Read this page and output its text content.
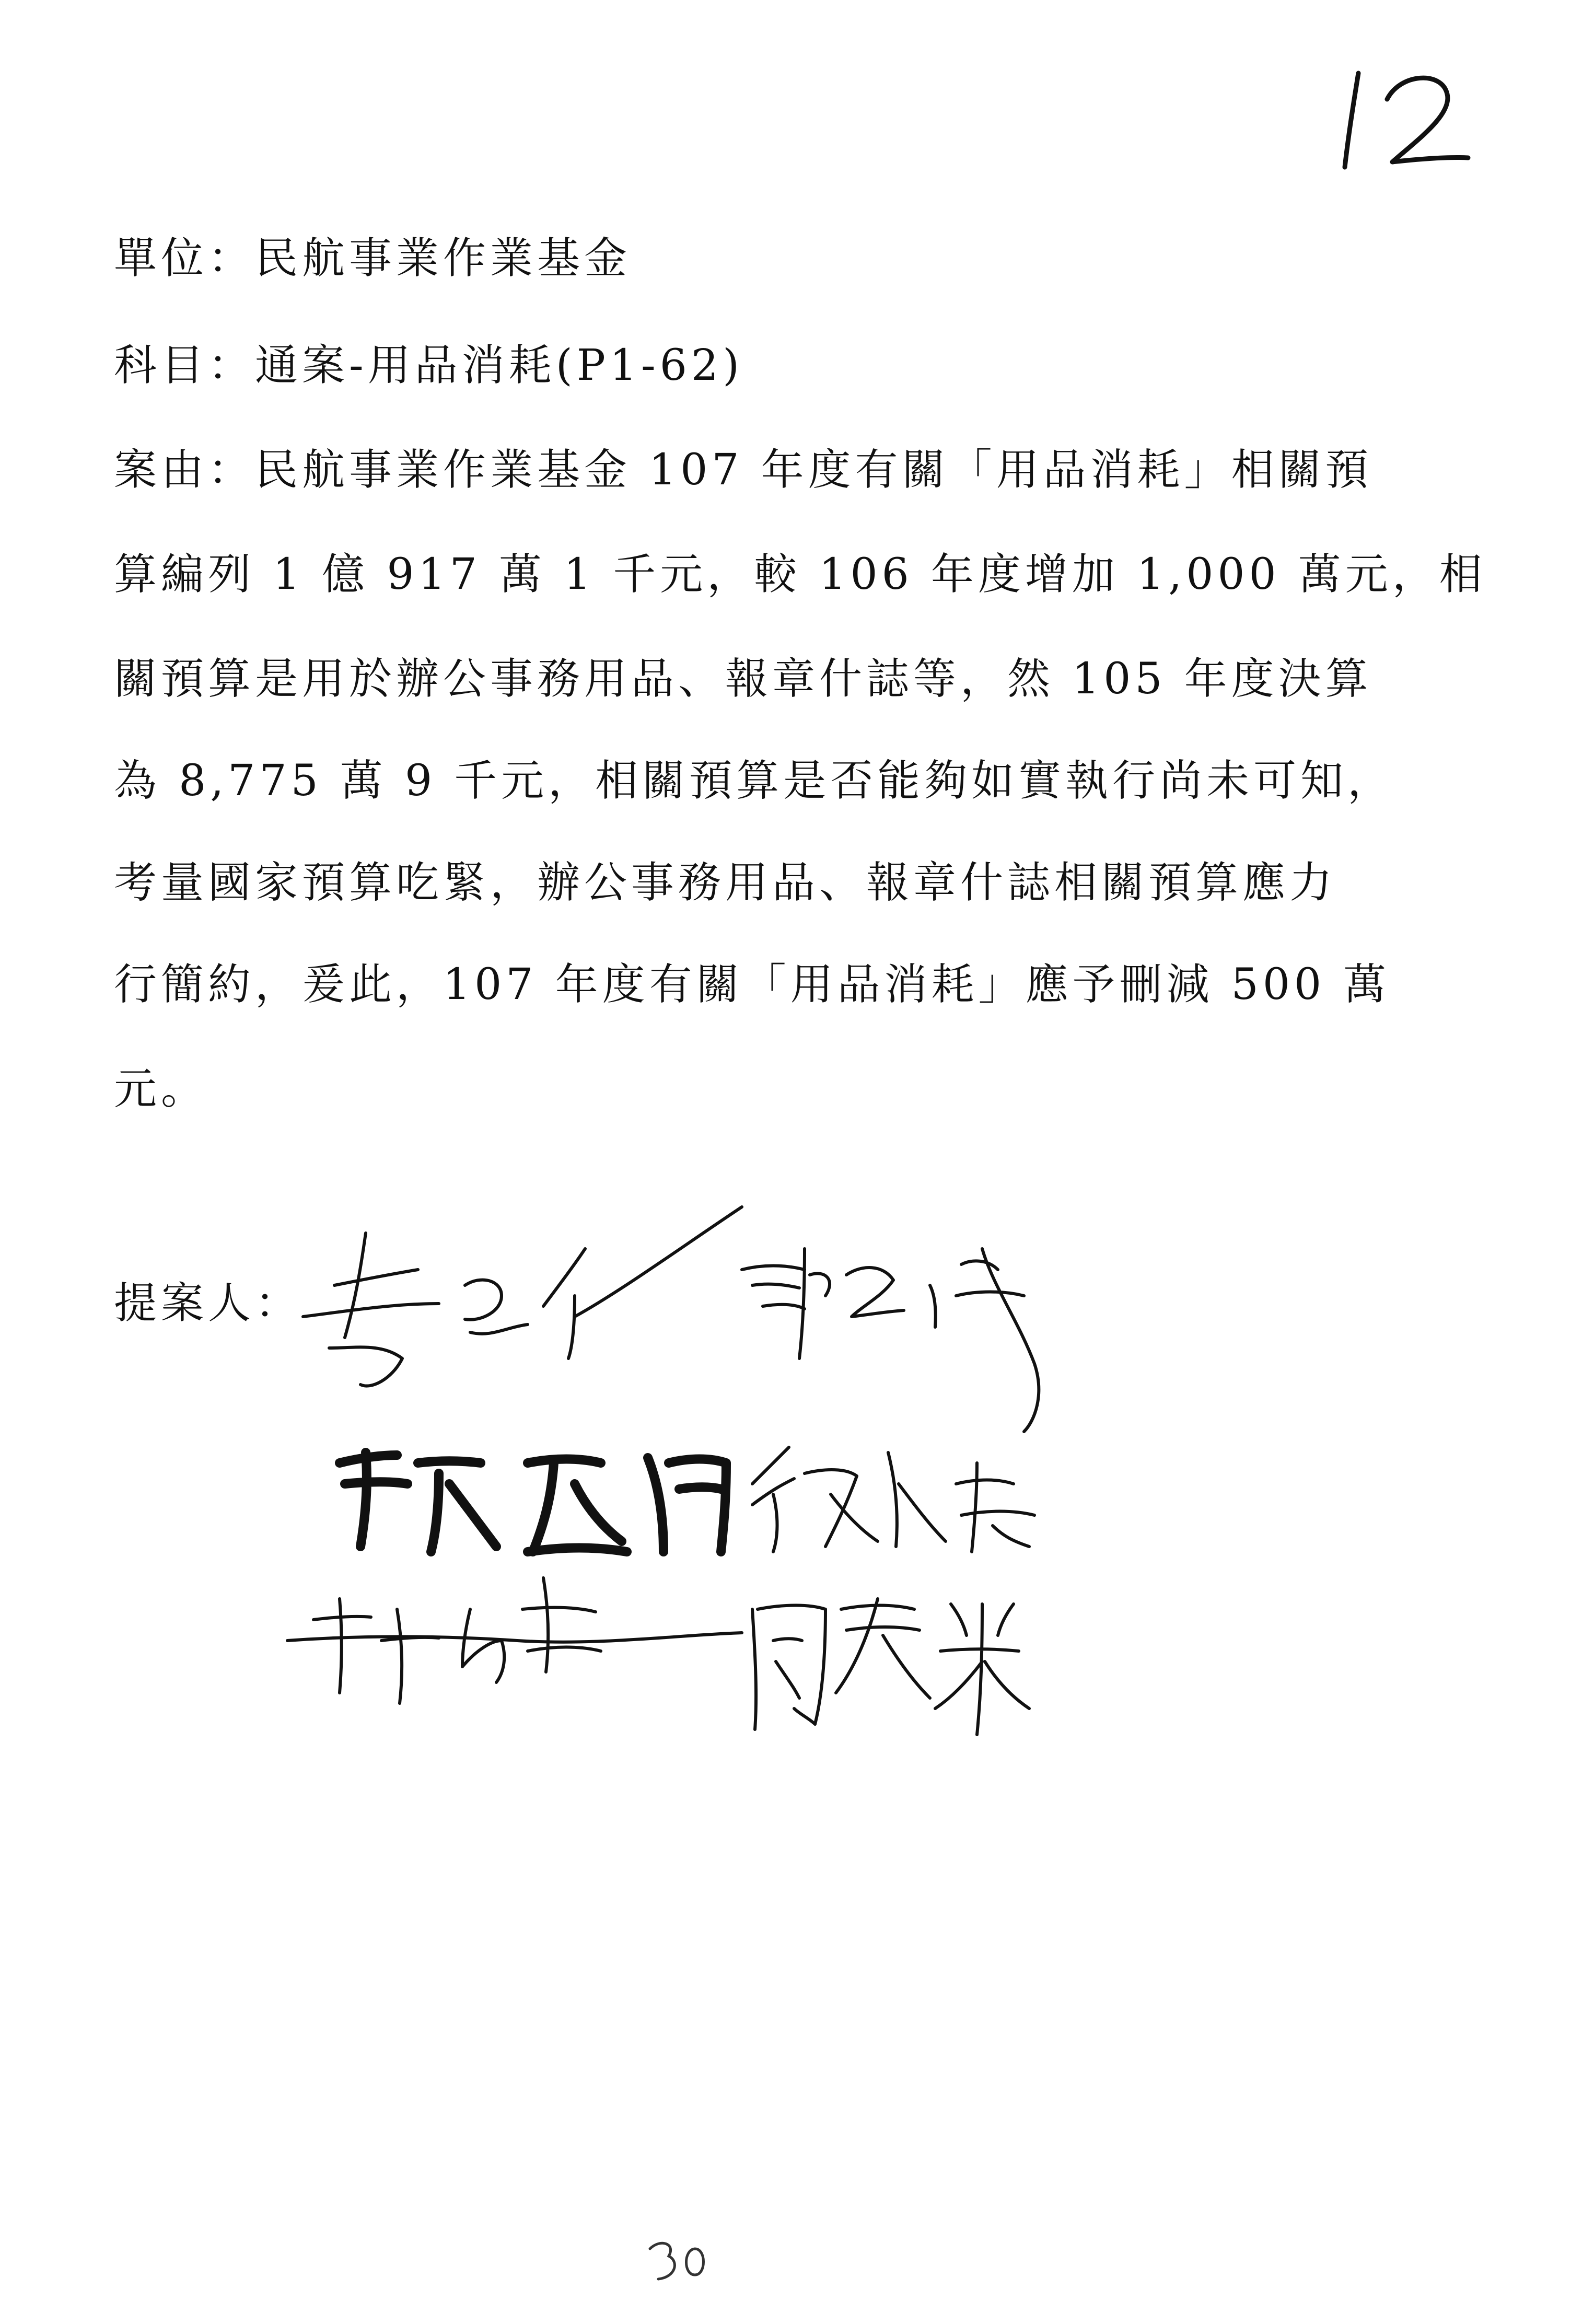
單位：民航事業作業基金
科目：通案-用品消耗(P1-62)
案由：民航事業作業基金 107 年度有關「用品消耗」相關預
算編列 1 億 917 萬 1 千元，較 106 年度增加 1,000 萬元，相
關預算是用於辦公事務用品、報章什誌等，然 105 年度決算
為 8,775 萬 9 千元，相關預算是否能夠如實執行尚未可知，
考量國家預算吃緊，辦公事務用品、報章什誌相關預算應力
行簡約，爰此，107 年度有關「用品消耗」應予刪減 500 萬
元。
提案人：
